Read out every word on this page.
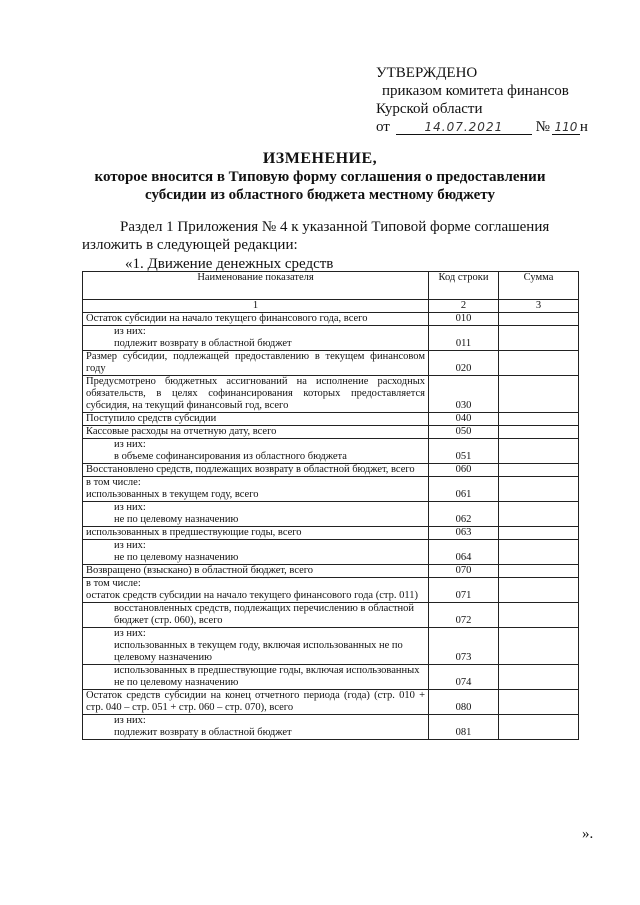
УТВЕРЖДЕНО
приказом комитета финансов
Курской области
от	14.07.2021 № 110 н
ИЗМЕНЕНИЕ,
которое вносится в Типовую форму соглашения о предоставлении
субсидии из областного бюджета местному бюджету
Раздел 1 Приложения № 4 к указанной Типовой форме соглашения
изложить в следующей редакции:
«1. Движение денежных средств
Наименование показателя	Код строки	Сумма
1	2	3

Остаток субсидии на начало текущего финансового года, всего	010	

из них:
подлежит возврату в областной бюджет	011	

Размер субсидии, подлежащей предоставлению в текущем финансовом году	020	

Предусмотрено бюджетных ассигнований на исполнение расходных обязательств, в целях софинансирования которых предоставляется субсидия, на текущий финансовый год, всего	030	

Поступило средств субсидии	040	

Кассовые расходы на отчетную дату, всего	050	

из них:
в объеме софинансирования из областного бюджета	051	

Восстановлено средств, подлежащих возврату в областной бюджет, всего	060	

в том числе:
использованных в текущем году, всего	061	

из них:
не по целевому назначению	062	

использованных в предшествующие годы, всего	063	

из них:
не по целевому назначению	064	

Возвращено (взыскано) в областной бюджет, всего	070	

в том числе:
остаток средств субсидии на начало текущего финансового года (стр. 011)	071	

восстановленных средств, подлежащих перечислению в областной бюджет (стр. 060), всего	072	

из них:
использованных в текущем году, включая использованных не по целевому назначению	073	

использованных в предшествующие годы, включая использованных не по целевому назначению	074	

Остаток средств субсидии на конец отчетного периода (года) (стр. 010 + стр. 040 – стр. 051 + стр. 060 – стр. 070), всего	080	

из них:
подлежит возврату в областной бюджет	081	
».
